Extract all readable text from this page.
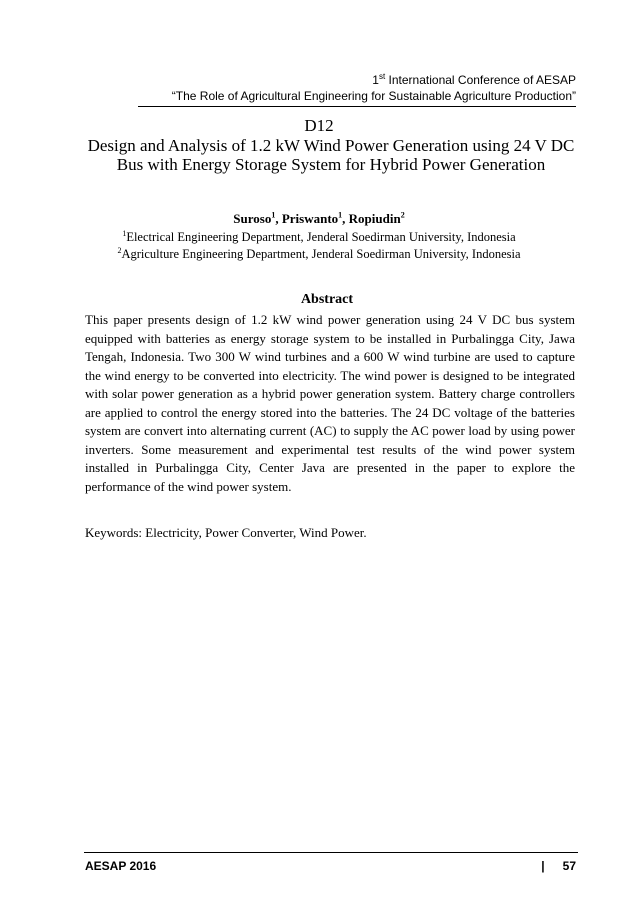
1st International Conference of AESAP
“The Role of Agricultural Engineering for Sustainable Agriculture Production”
D12
Design and Analysis of 1.2 kW Wind Power Generation using 24 V DC Bus with Energy Storage System for Hybrid Power Generation
Suroso$^1$, Priswanto$^1$, Ropiudin$^2$
$^1$Electrical Engineering Department, Jenderal Soedirman University, Indonesia
$^2$Agriculture Engineering Department, Jenderal Soedirman University, Indonesia
Abstract

This paper presents design of 1.2 kW wind power generation using 24 V DC bus system equipped with batteries as energy storage system to be installed in Purbalingga City, Jawa Tengah, Indonesia. Two 300 W wind turbines and a 600 W wind turbine are used to capture the wind energy to be converted into electricity. The wind power is designed to be integrated with solar power generation as a hybrid power generation system. Battery charge controllers are applied to control the energy stored into the batteries. The 24 DC voltage of the batteries system are convert into alternating current (AC) to supply the AC power load by using power inverters. Some measurement and experimental test results of the wind power system installed in Purbalingga City, Center Java are presented in the paper to explore the performance of the wind power system.

Keywords: Electricity, Power Converter, Wind Power.

AESAP 2016	| 57
